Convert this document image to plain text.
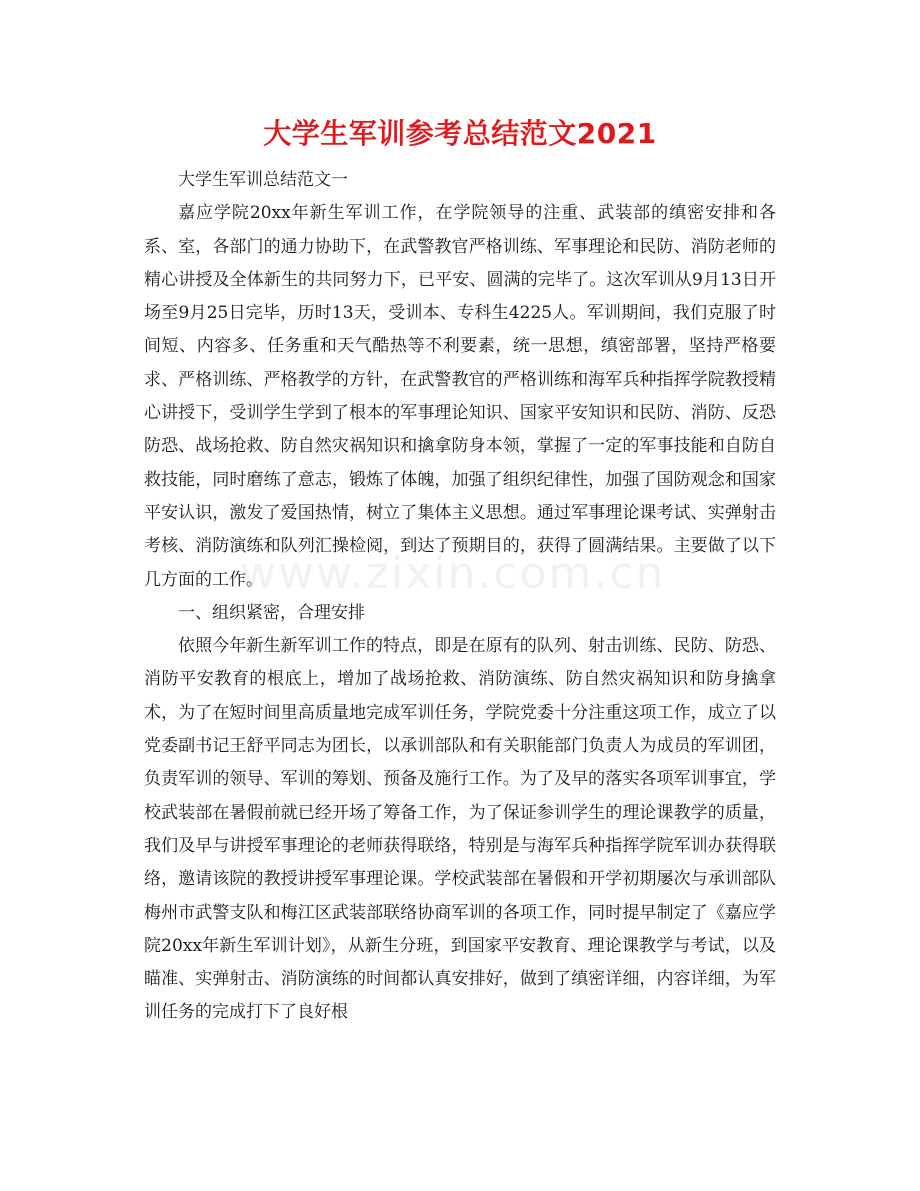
大学生军训参考总结范文2021

大学生军训总结范文一

嘉应学院20xx年新生军训工作，在学院领导的注重、武装部的缜密安排和各系、室，各部门的通力协助下，在武警教官严格训练、军事理论和民防、消防老师的精心讲授及全体新生的共同努力下，已平安、圆满的完毕了。这次军训从9月13日开场至9月25日完毕，历时13天，受训本、专科生4225人。军训期间，我们克服了时间短、内容多、任务重和天气酷热等不利要素，统一思想，缜密部署，坚持严格要求、严格训练、严格教学的方针，在武警教官的严格训练和海军兵种指挥学院教授精心讲授下，受训学生学到了根本的军事理论知识、国家平安知识和民防、消防、反恐防恐、战场抢救、防自然灾祸知识和擒拿防身本领，掌握了一定的军事技能和自防自救技能，同时磨练了意志，锻炼了体魄，加强了组织纪律性，加强了国防观念和国家平安认识，激发了爱国热情，树立了集体主义思想。通过军事理论课考试、实弹射击考核、消防演练和队列汇操检阅，到达了预期目的，获得了圆满结果。主要做了以下几方面的工作。

一、组织紧密，合理安排

依照今年新生新军训工作的特点，即是在原有的队列、射击训练、民防、防恐、消防平安教育的根底上，增加了战场抢救、消防演练、防自然灾祸知识和防身擒拿术，为了在短时间里高质量地完成军训任务，学院党委十分注重这项工作，成立了以党委副书记王舒平同志为团长，以承训部队和有关职能部门负责人为成员的军训团，负责军训的领导、军训的筹划、预备及施行工作。为了及早的落实各项军训事宜，学校武装部在暑假前就已经开场了筹备工作，为了保证参训学生的理论课教学的质量，我们及早与讲授军事理论的老师获得联络，特别是与海军兵种指挥学院军训办获得联络，邀请该院的教授讲授军事理论课。学校武装部在暑假和开学初期屡次与承训部队梅州市武警支队和梅江区武装部联络协商军训的各项工作，同时提早制定了《嘉应学院20xx年新生军训计划》，从新生分班，到国家平安教育、理论课教学与考试，以及瞄准、实弹射击、消防演练的时间都认真安排好，做到了缜密详细，内容详细，为军训任务的完成打下了良好根

www.zixin.com.cn
